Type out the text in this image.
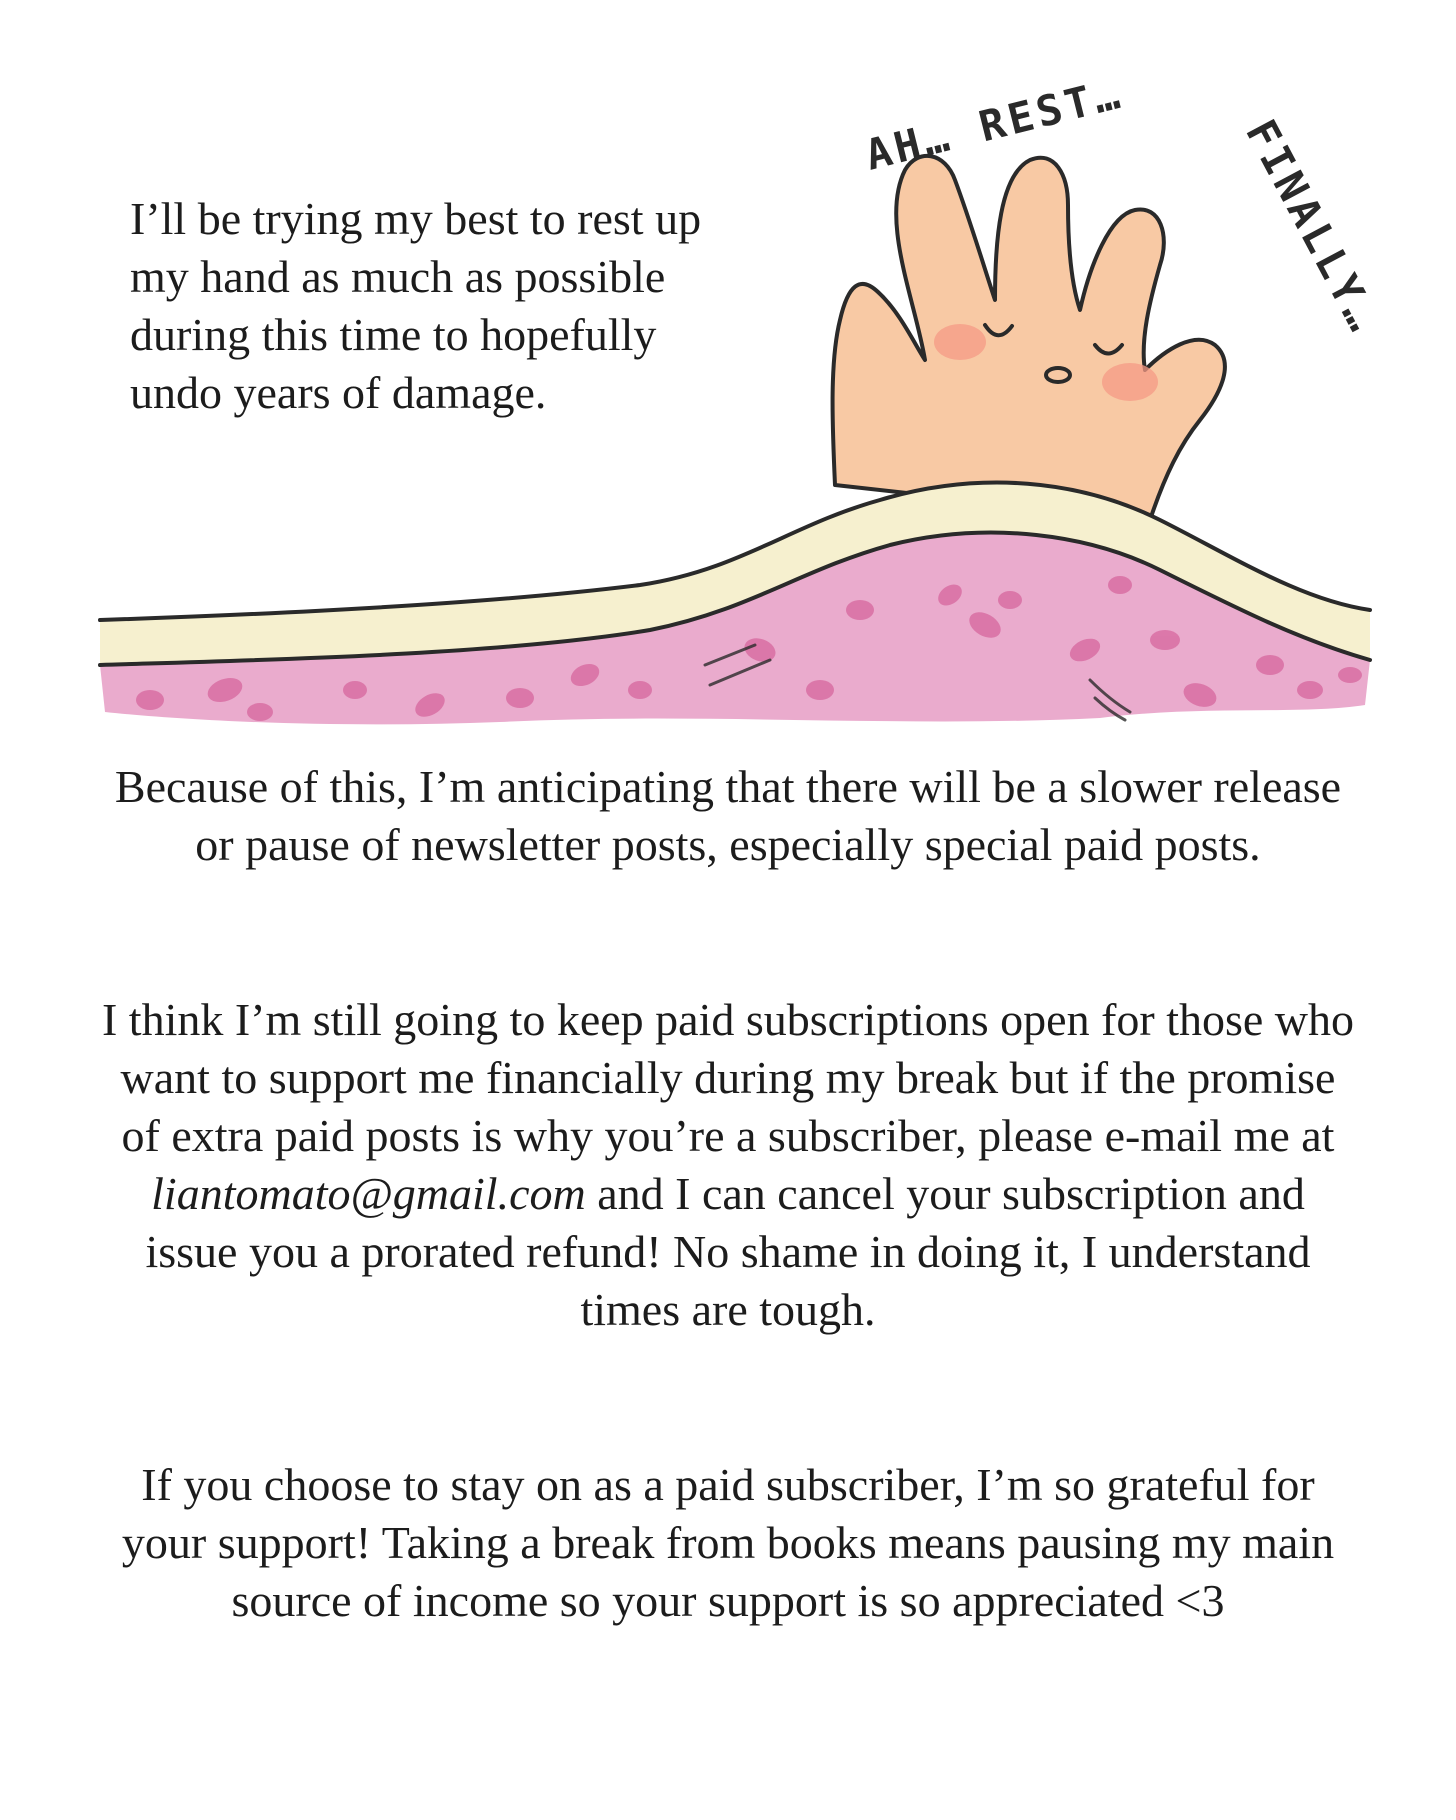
I’ll be trying my best to rest up my hand as much as possible during this time to hopefully undo years of damage.

AH… REST…	FINALLY…

Because of this, I’m anticipating that there will be a slower release or pause of newsletter posts, especially special paid posts.

I think I’m still going to keep paid subscriptions open for those who want to support me financially during my break but if the promise of extra paid posts is why you’re a subscriber, please e-mail me at liantomato@gmail.com and I can cancel your subscription and issue you a prorated refund! No shame in doing it, I understand times are tough.

If you choose to stay on as a paid subscriber, I’m so grateful for your support! Taking a break from books means pausing my main source of income so your support is so appreciated <3
